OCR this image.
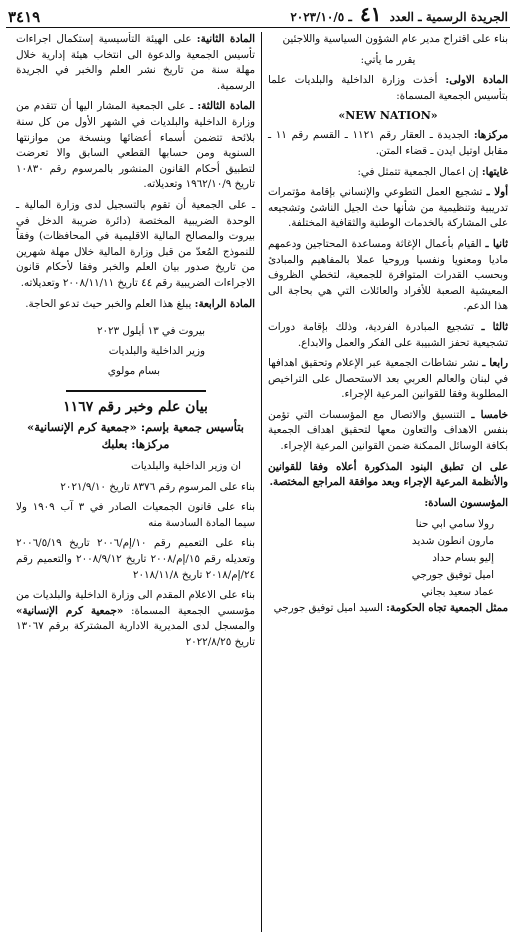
الجريدة الرسمية ـ العدد ٤١ ـ ٢٠٢٣/١٠/٥
٣٤١٩

بناء على اقتراح مدير عام الشؤون السياسية واللاجئين

يقرر ما يأتي:

المادة الاولى: أخذت وزارة الداخلية والبلديات علما بتأسيس الجمعية المسماة:

«NEW NATION»

مركزها: الجديدة ـ العقار رقم ١١٢١ ـ القسم رقم ١١ ـ مقابل اوتيل ايدن ـ قضاء المتن.

غايتها: إن اعمال الجمعية تتمثل في:

أولا ـ تشجيع العمل التطوعي والإنساني بإقامة مؤتمرات تدريبية وتنظيمية من شأنها حث الجيل الناشئ وتشجيعه على المشاركة بالخدمات الوطنية والثقافية المختلفة.

ثانيا ـ القيام بأعمال الإغاثة ومساعدة المحتاجين ودعمهم ماديا ومعنويا ونفسيا وروحيا عملا بالمفاهيم والمبادئ وبحسب القدرات المتوافرة للجمعية، لتخطي الظروف المعيشية الصعبة للأفراد والعائلات التي هي بحاجة الى هذا الدعم.

ثالثا ـ تشجيع المبادرة الفردية، وذلك بإقامة دورات تشجيعية تحفز الشبيبة على الفكر والعمل والابداع.

رابعا ـ نشر نشاطات الجمعية عبر الإعلام وتحقيق اهدافها في لبنان والعالم العربي بعد الاستحصال على التراخيص المطلوبة وفقا للقوانين المرعية الإجراء.

خامسا ـ التنسيق والاتصال مع المؤسسات التي تؤمن بنفس الاهداف والتعاون معها لتحقيق اهداف الجمعية بكافة الوسائل الممكنة ضمن القوانين المرعية الإجراء.

على ان تطبق البنود المذكورة أعلاه وفقا للقوانين والأنظمة المرعية الإجراء وبعد موافقة المراجع المختصة.

المؤسسون السادة:

رولا سامي ابي حنا
مارون انطون شديد
إليو بسام حداد
اميل توفيق جورجي
عماد سعيد بجاني

ممثل الجمعية تجاه الحكومة: السيد اميل توفيق جورجي

المادة الثانية: على الهيئة التأسيسية إستكمال اجراءات تأسيس الجمعية والدعوة الى انتخاب هيئة إدارية خلال مهلة سنة من تاريخ نشر العلم والخبر في الجريدة الرسمية.

المادة الثالثة: ـ على الجمعية المشار اليها أن تتقدم من وزارة الداخلية والبلديات في الشهر الأول من كل سنة بلائحة تتضمن أسماء أعضائها وبنسخة من موازنتها السنوية ومن حسابها القطعي السابق والا تعرضت لتطبيق أحكام القانون المنشور بالمرسوم رقم ١٠٨٣٠ تاريخ ١٩٦٢/١٠/٩ وتعديلاته.

ـ على الجمعية أن تقوم بالتسجيل لدى وزارة المالية ـ الوحدة الضريبية المختصة (دائرة ضريبة الدخل في بيروت والمصالح المالية الاقليمية في المحافظات) وفقاً للنموذج المُعدّ من قبل وزارة المالية خلال مهلة شهرين من تاريخ صدور بيان العلم والخبر وفقا لأحكام قانون الاجراءات الضريبية رقم ٤٤ تاريخ ٢٠٠٨/١١/١١ وتعديلاته.

المادة الرابعة: يبلغ هذا العلم والخبر حيث تدعو الحاجة.

بيروت في ١٣ أيلول ٢٠٢٣

وزير الداخلية والبلديات

بسام مولوي

بيان علم وخبر رقم ١١٦٧
بتأسيس جمعية بإسم: «جمعية كرم الإنسانية»
مركزها: بعلبك

ان وزير الداخلية والبلديات

بناء على المرسوم رقم ٨٣٧٦ تاريخ ٢٠٢١/٩/١٠

بناء على قانون الجمعيات الصادر في ٣ آب ١٩٠٩ ولا سيما المادة السادسة منه

بناء على التعميم رقم ١٠/إم/٢٠٠٦ تاريخ ٢٠٠٦/٥/١٩ وتعديله رقم ١٥/إم/٢٠٠٨ تاريخ ٢٠٠٨/٩/١٢ والتعميم رقم ٢٤/إم/٢٠١٨ تاريخ ٢٠١٨/١١/٨

بناء على الاعلام المقدم الى وزارة الداخلية والبلديات من مؤسسي الجمعية المسماة: «جمعية كرم الإنسانية» والمسجل لدى المديرية الادارية المشتركة برقم ١٣٠٦٧ تاريخ ٢٠٢٢/٨/٢٥
